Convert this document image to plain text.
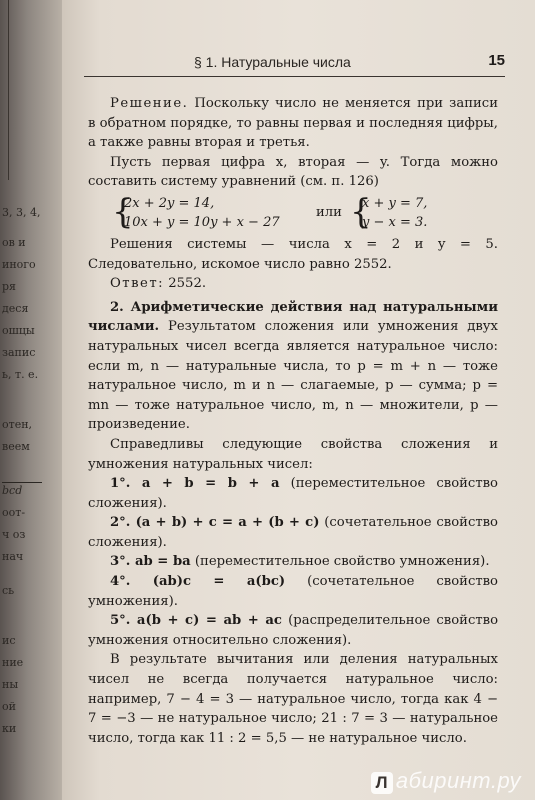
3, 3, 4,
ов и
иного
ря
деся
ошцы
запис
ь, т. е.
отен,
веем
bcd
оот-
ч оз
нач
сь
ис
ние
ны
ой
ки
§ 1. Натуральные числа	15

Решение. Поскольку число не меняется при записи в обратном порядке, то равны первая и последняя цифры, а также равны вторая и третья.

Пусть первая цифра x, вторая — y. Тогда можно составить систему уравнений (см. п. 126)

{
2x + 2y = 14,
10x + y = 10y + x − 27
или {
x + y = 7,
y − x = 3.

Решения системы — числа x = 2 и y = 5. Следовательно, искомое число равно 2552.

Ответ: 2552.

2. Арифметические действия над натуральными числами. Результатом сложения или умножения двух натуральных чисел всегда является натуральное число: если m, n — натуральные числа, то p = m + n — тоже натуральное число, m и n — слагаемые, p — сумма; p = mn — тоже натуральное число, m, n — множители, p — произведение.

Справедливы следующие свойства сложения и умножения натуральных чисел:

1°. a + b = b + a (переместительное свойство сложения).

2°. (a + b) + c = a + (b + c) (сочетательное свойство сложения).

3°. ab = ba (переместительное свойство умножения).

4°. (ab)c = a(bc) (сочетательное свойство умножения).

5°. a(b + c) = ab + ac (распределительное свойство умножения относительно сложения).

В результате вычитания или деления натуральных чисел не всегда получается натуральное число: например, 7 − 4 = 3 — натуральное число, тогда как 4 − 7 = −3 — не натуральное число; 21 : 7 = 3 — натуральное число, тогда как 11 : 2 = 5,5 — не натуральное число.

Л абиринт.ру
